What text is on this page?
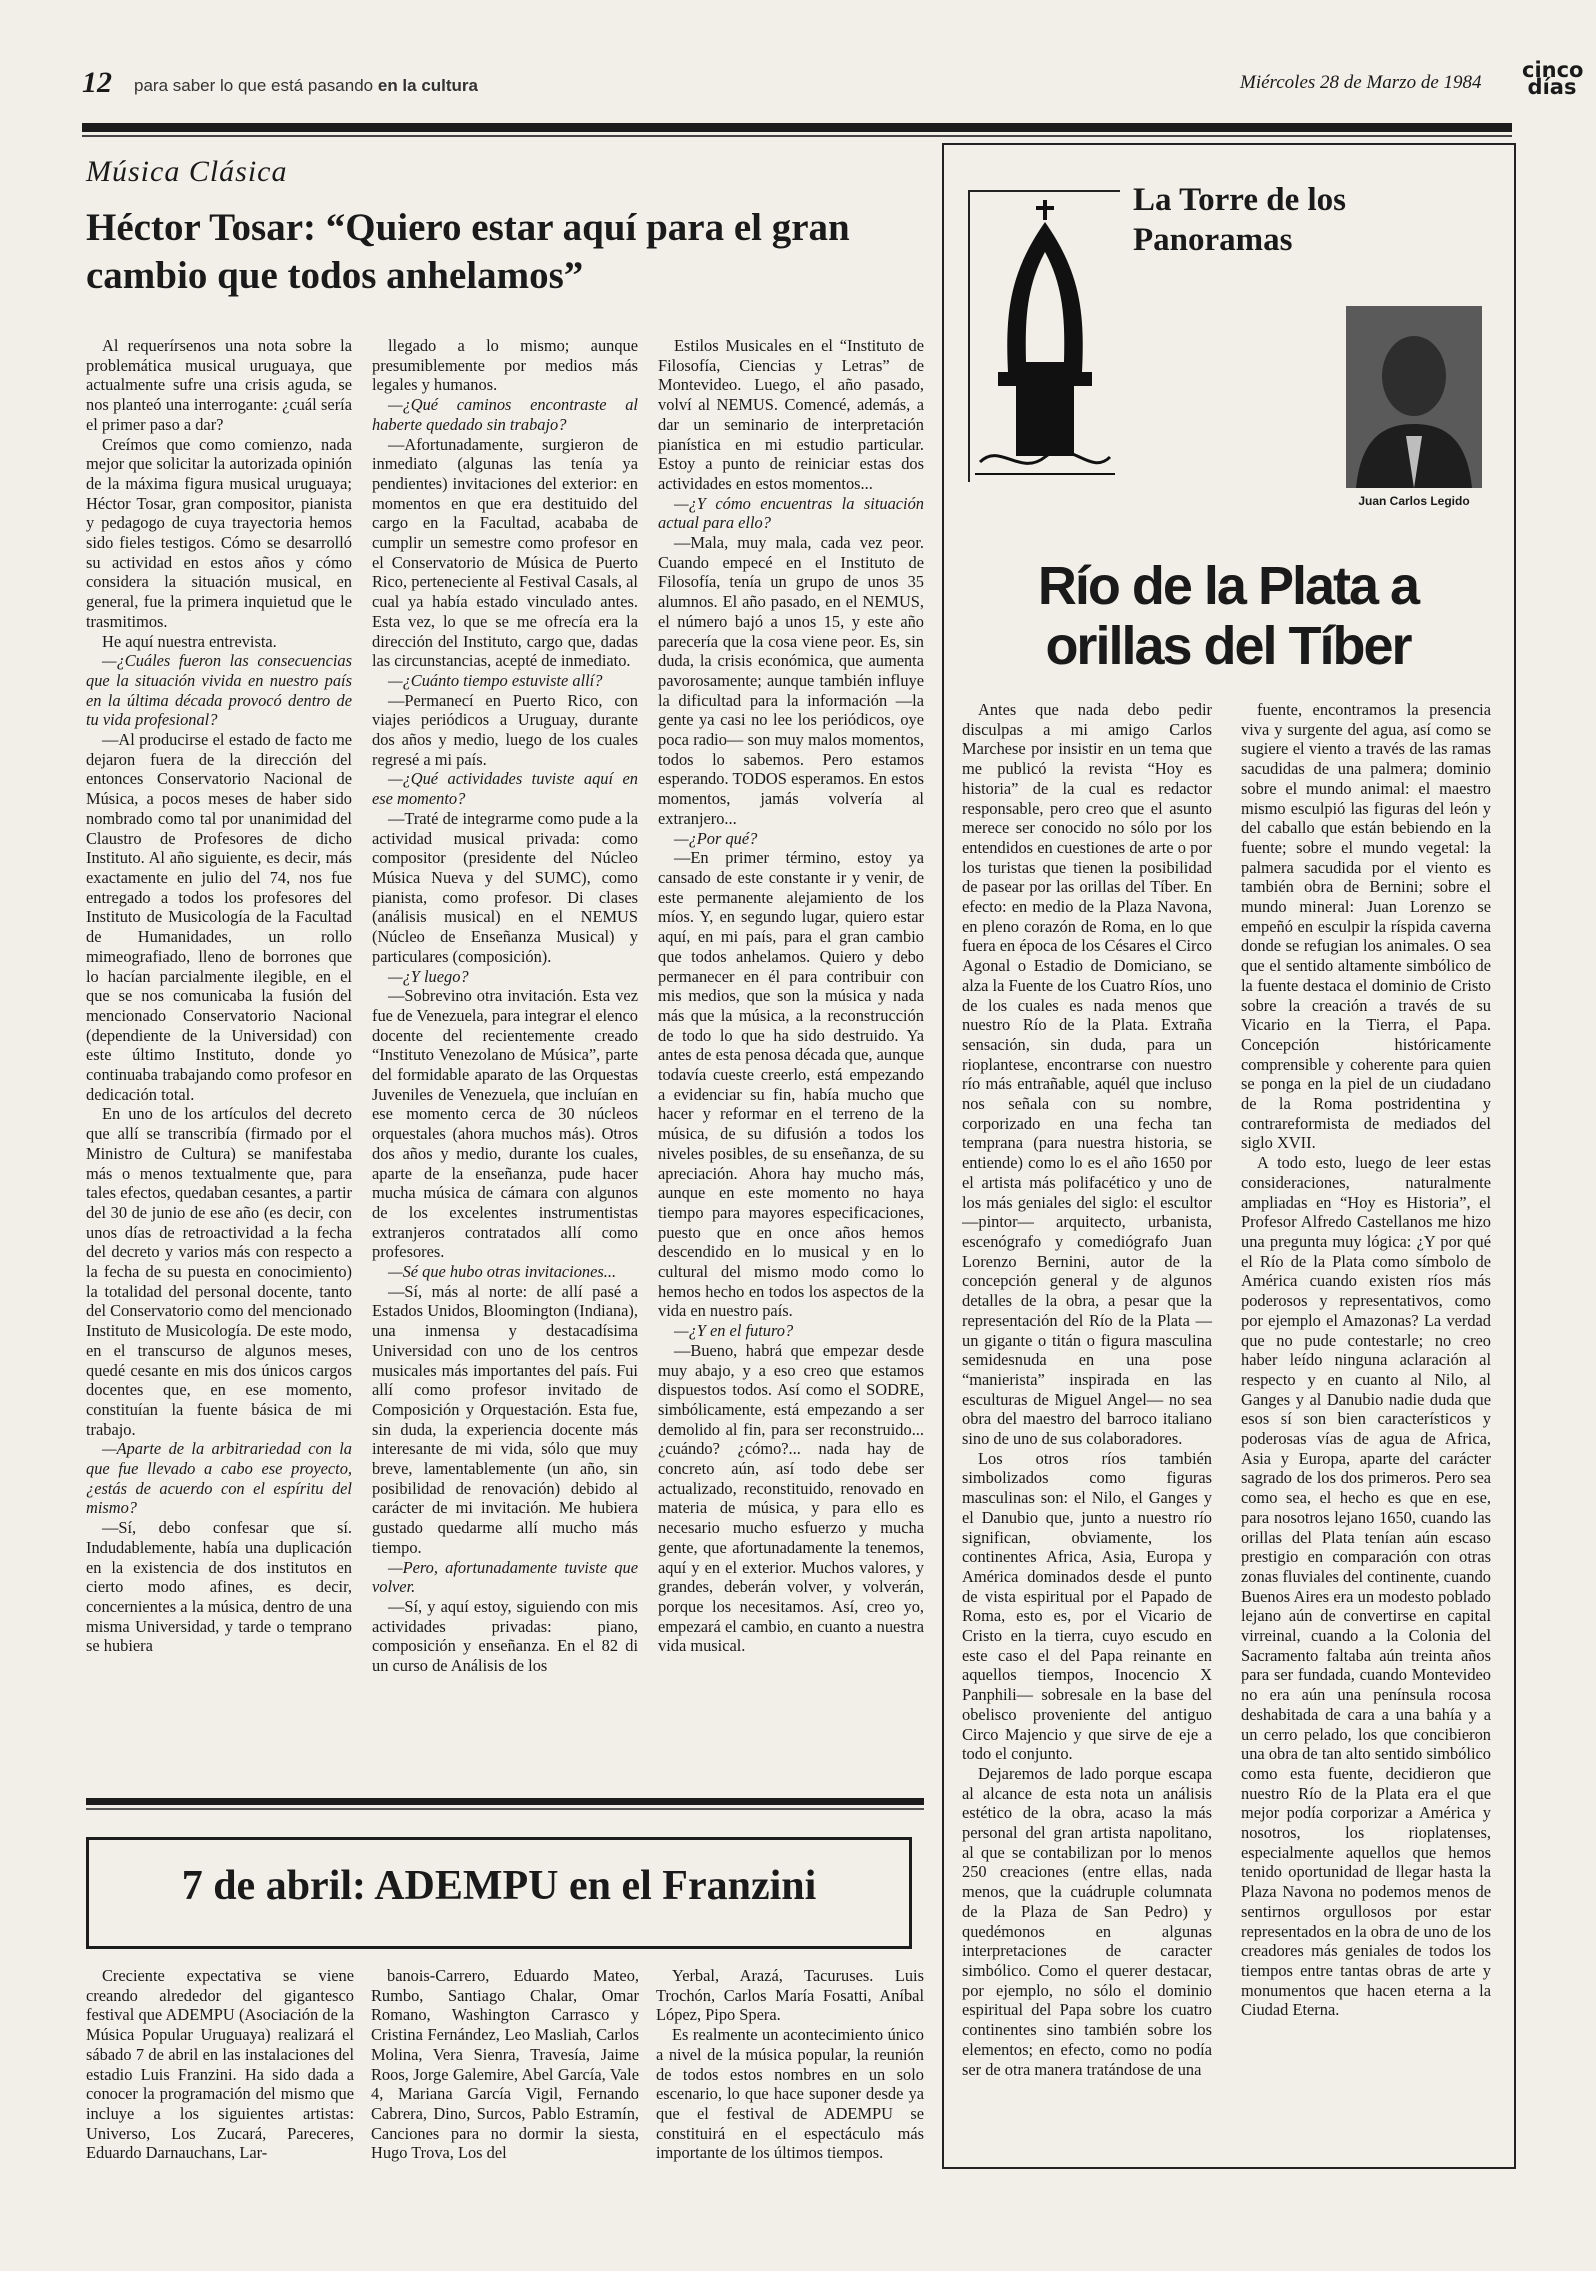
12 para saber lo que está pasando en la cultura	Miércoles 28 de Marzo de 1984
cinco
días
Música Clásica
Héctor Tosar: “Quiero estar aquí para el gran cambio que todos anhelamos”

Al requerírsenos una nota sobre la problemática musical uruguaya, que actualmente sufre una crisis aguda, se nos planteó una interrogante: ¿cuál sería el primer paso a dar?

Creímos que como comienzo, nada mejor que solicitar la autorizada opinión de la máxima figura musical uruguaya; Héctor Tosar, gran compositor, pianista y pedagogo de cuya trayectoria hemos sido fieles testigos. Cómo se desarrolló su actividad en estos años y cómo considera la situación musical, en general, fue la primera inquietud que le trasmitimos.

He aquí nuestra entrevista.

—¿Cuáles fueron las consecuencias que la situación vivida en nuestro país en la última década provocó dentro de tu vida profesional?

—Al producirse el estado de facto me dejaron fuera de la dirección del entonces Conservatorio Nacional de Música, a pocos meses de haber sido nombrado como tal por unanimidad del Claustro de Profesores de dicho Instituto. Al año siguiente, es decir, más exactamente en julio del 74, nos fue entregado a todos los profesores del Instituto de Musicología de la Facultad de Humanidades, un rollo mimeografiado, lleno de borrones que lo hacían parcialmente ilegible, en el que se nos comunicaba la fusión del mencionado Conservatorio Nacional (dependiente de la Universidad) con este último Instituto, donde yo continuaba trabajando como profesor en dedicación total.

En uno de los artículos del decreto que allí se transcribía (firmado por el Ministro de Cultura) se manifestaba más o menos textualmente que, para tales efectos, quedaban cesantes, a partir del 30 de junio de ese año (es decir, con unos días de retroactividad a la fecha del decreto y varios más con respecto a la fecha de su puesta en conocimiento) la totalidad del personal docente, tanto del Conservatorio como del mencionado Instituto de Musicología. De este modo, en el transcurso de algunos meses, quedé cesante en mis dos únicos cargos docentes que, en ese momento, constituían la fuente básica de mi trabajo.

—Aparte de la arbitrariedad con la que fue llevado a cabo ese proyecto, ¿estás de acuerdo con el espíritu del mismo?

—Sí, debo confesar que sí. Indudablemente, había una duplicación en la existencia de dos institutos en cierto modo afines, es decir, concernientes a la música, dentro de una misma Universidad, y tarde o temprano se hubiera

llegado a lo mismo; aunque presumiblemente por medios más legales y humanos.

—¿Qué caminos encontraste al haberte quedado sin trabajo?

—Afortunadamente, surgieron de inmediato (algunas las tenía ya pendientes) invitaciones del exterior: en momentos en que era destituido del cargo en la Facultad, acababa de cumplir un semestre como profesor en el Conservatorio de Música de Puerto Rico, perteneciente al Festival Casals, al cual ya había estado vinculado antes. Esta vez, lo que se me ofrecía era la dirección del Instituto, cargo que, dadas las circunstancias, acepté de inmediato.

—¿Cuánto tiempo estuviste allí?

—Permanecí en Puerto Rico, con viajes periódicos a Uruguay, durante dos años y medio, luego de los cuales regresé a mi país.

—¿Qué actividades tuviste aquí en ese momento?

—Traté de integrarme como pude a la actividad musical privada: como compositor (presidente del Núcleo Música Nueva y del SUMC), como pianista, como profesor. Di clases (análisis musical) en el NEMUS (Núcleo de Enseñanza Musical) y particulares (composición).

—¿Y luego?

—Sobrevino otra invitación. Esta vez fue de Venezuela, para integrar el elenco docente del recientemente creado “Instituto Venezolano de Música”, parte del formidable aparato de las Orquestas Juveniles de Venezuela, que incluían en ese momento cerca de 30 núcleos orquestales (ahora muchos más). Otros dos años y medio, durante los cuales, aparte de la enseñanza, pude hacer mucha música de cámara con algunos de los excelentes instrumentistas extranjeros contratados allí como profesores.

—Sé que hubo otras invitaciones...

—Sí, más al norte: de allí pasé a Estados Unidos, Bloomington (Indiana), una inmensa y destacadísima Universidad con uno de los centros musicales más importantes del país. Fui allí como profesor invitado de Composición y Orquestación. Esta fue, sin duda, la experiencia docente más interesante de mi vida, sólo que muy breve, lamentablemente (un año, sin posibilidad de renovación) debido al carácter de mi invitación. Me hubiera gustado quedarme allí mucho más tiempo.

—Pero, afortunadamente tuviste que volver.

—Sí, y aquí estoy, siguiendo con mis actividades privadas: piano, composición y enseñanza. En el 82 di un curso de Análisis de los

Estilos Musicales en el “Instituto de Filosofía, Ciencias y Letras” de Montevideo. Luego, el año pasado, volví al NEMUS. Comencé, además, a dar un seminario de interpretación pianística en mi estudio particular. Estoy a punto de reiniciar estas dos actividades en estos momentos...

—¿Y cómo encuentras la situación actual para ello?

—Mala, muy mala, cada vez peor. Cuando empecé en el Instituto de Filosofía, tenía un grupo de unos 35 alumnos. El año pasado, en el NEMUS, el número bajó a unos 15, y este año parecería que la cosa viene peor. Es, sin duda, la crisis económica, que aumenta pavorosamente; aunque también influye la dificultad para la información —la gente ya casi no lee los periódicos, oye poca radio— son muy malos momentos, todos lo sabemos. Pero estamos esperando. TODOS esperamos. En estos momentos, jamás volvería al extranjero...

—¿Por qué?

—En primer término, estoy ya cansado de este constante ir y venir, de este permanente alejamiento de los míos. Y, en segundo lugar, quiero estar aquí, en mi país, para el gran cambio que todos anhelamos. Quiero y debo permanecer en él para contribuir con mis medios, que son la música y nada más que la música, a la reconstrucción de todo lo que ha sido destruido. Ya antes de esta penosa década que, aunque todavía cueste creerlo, está empezando a evidenciar su fin, había mucho que hacer y reformar en el terreno de la música, de su difusión a todos los niveles posibles, de su enseñanza, de su apreciación. Ahora hay mucho más, aunque en este momento no haya tiempo para mayores especificaciones, puesto que en once años hemos descendido en lo musical y en lo cultural del mismo modo como lo hemos hecho en todos los aspectos de la vida en nuestro país.

—¿Y en el futuro?

—Bueno, habrá que empezar desde muy abajo, y a eso creo que estamos dispuestos todos. Así como el SODRE, simbólicamente, está empezando a ser demolido al fin, para ser reconstruido... ¿cuándo? ¿cómo?... nada hay de concreto aún, así todo debe ser actualizado, reconstituido, renovado en materia de música, y para ello es necesario mucho esfuerzo y mucha gente, que afortunadamente la tenemos, aquí y en el exterior. Muchos valores, y grandes, deberán volver, y volverán, porque los necesitamos. Así, creo yo, empezará el cambio, en cuanto a nuestra vida musical.

7 de abril: ADEMPU en el Franzini

Creciente expectativa se viene creando alrededor del gigantesco festival que ADEMPU (Asociación de la Música Popular Uruguaya) realizará el sábado 7 de abril en las instalaciones del estadio Luis Franzini. Ha sido dada a conocer la programación del mismo que incluye a los siguientes artistas: Universo, Los Zucará, Pareceres, Eduardo Darnauchans, Lar-

banois-Carrero, Eduardo Mateo, Rumbo, Santiago Chalar, Omar Romano, Washington Carrasco y Cristina Fernández, Leo Masliah, Carlos Molina, Vera Sienra, Travesía, Jaime Roos, Jorge Galemire, Abel García, Vale 4, Mariana García Vigil, Fernando Cabrera, Dino, Surcos, Pablo Estramín, Canciones para no dormir la siesta, Hugo Trova, Los del

Yerbal, Arazá, Tacuruses. Luis Trochón, Carlos María Fosatti, Aníbal López, Pipo Spera.

Es realmente un acontecimiento único a nivel de la música popular, la reunión de todos estos nombres en un solo escenario, lo que hace suponer desde ya que el festival de ADEMPU se constituirá en el espectáculo más importante de los últimos tiempos.

La Torre de los Panoramas
Juan Carlos Legido
Río de la Plata a orillas del Tíber

Antes que nada debo pedir disculpas a mi amigo Carlos Marchese por insistir en un tema que me publicó la revista “Hoy es historia” de la cual es redactor responsable, pero creo que el asunto merece ser conocido no sólo por los entendidos en cuestiones de arte o por los turistas que tienen la posibilidad de pasear por las orillas del Tíber. En efecto: en medio de la Plaza Navona, en pleno corazón de Roma, en lo que fuera en época de los Césares el Circo Agonal o Estadio de Domiciano, se alza la Fuente de los Cuatro Ríos, uno de los cuales es nada menos que nuestro Río de la Plata. Extraña sensación, sin duda, para un rioplantese, encontrarse con nuestro río más entrañable, aquél que incluso nos señala con su nombre, corporizado en una fecha tan temprana (para nuestra historia, se entiende) como lo es el año 1650 por el artista más polifacético y uno de los más geniales del siglo: el escultor —pintor— arquitecto, urbanista, escenógrafo y comediógrafo Juan Lorenzo Bernini, autor de la concepción general y de algunos detalles de la obra, a pesar que la representación del Río de la Plata —un gigante o titán o figura masculina semidesnuda en una pose “manierista” inspirada en las esculturas de Miguel Angel— no sea obra del maestro del barroco italiano sino de uno de sus colaboradores.

Los otros ríos también simbolizados como figuras masculinas son: el Nilo, el Ganges y el Danubio que, junto a nuestro río significan, obviamente, los continentes Africa, Asia, Europa y América dominados desde el punto de vista espiritual por el Papado de Roma, esto es, por el Vicario de Cristo en la tierra, cuyo escudo en este caso el del Papa reinante en aquellos tiempos, Inocencio X Panphili— sobresale en la base del obelisco proveniente del antiguo Circo Majencio y que sirve de eje a todo el conjunto.

Dejaremos de lado porque escapa al alcance de esta nota un análisis estético de la obra, acaso la más personal del gran artista napolitano, al que se contabilizan por lo menos 250 creaciones (entre ellas, nada menos, que la cuádruple columnata de la Plaza de San Pedro) y quedémonos en algunas interpretaciones de caracter simbólico. Como el querer destacar, por ejemplo, no sólo el dominio espiritual del Papa sobre los cuatro continentes sino también sobre los elementos; en efecto, como no podía ser de otra manera tratándose de una

fuente, encontramos la presencia viva y surgente del agua, así como se sugiere el viento a través de las ramas sacudidas de una palmera; dominio sobre el mundo animal: el maestro mismo esculpió las figuras del león y del caballo que están bebiendo en la fuente; sobre el mundo vegetal: la palmera sacudida por el viento es también obra de Bernini; sobre el mundo mineral: Juan Lorenzo se empeñó en esculpir la ríspida caverna donde se refugian los animales. O sea que el sentido altamente simbólico de la fuente destaca el dominio de Cristo sobre la creación a través de su Vicario en la Tierra, el Papa. Concepción históricamente comprensible y coherente para quien se ponga en la piel de un ciudadano de la Roma postridentina y contrareformista de mediados del siglo XVII.

A todo esto, luego de leer estas consideraciones, naturalmente ampliadas en “Hoy es Historia”, el Profesor Alfredo Castellanos me hizo una pregunta muy lógica: ¿Y por qué el Río de la Plata como símbolo de América cuando existen ríos más poderosos y representativos, como por ejemplo el Amazonas? La verdad que no pude contestarle; no creo haber leído ninguna aclaración al respecto y en cuanto al Nilo, al Ganges y al Danubio nadie duda que esos sí son bien característicos y poderosas vías de agua de Africa, Asia y Europa, aparte del carácter sagrado de los dos primeros. Pero sea como sea, el hecho es que en ese, para nosotros lejano 1650, cuando las orillas del Plata tenían aún escaso prestigio en comparación con otras zonas fluviales del continente, cuando Buenos Aires era un modesto poblado lejano aún de convertirse en capital virreinal, cuando a la Colonia del Sacramento faltaba aún treinta años para ser fundada, cuando Montevideo no era aún una península rocosa deshabitada de cara a una bahía y a un cerro pelado, los que concibieron una obra de tan alto sentido simbólico como esta fuente, decidieron que nuestro Río de la Plata era el que mejor podía corporizar a América y nosotros, los rioplatenses, especialmente aquellos que hemos tenido oportunidad de llegar hasta la Plaza Navona no podemos menos de sentirnos orgullosos por estar representados en la obra de uno de los creadores más geniales de todos los tiempos entre tantas obras de arte y monumentos que hacen eterna a la Ciudad Eterna.
